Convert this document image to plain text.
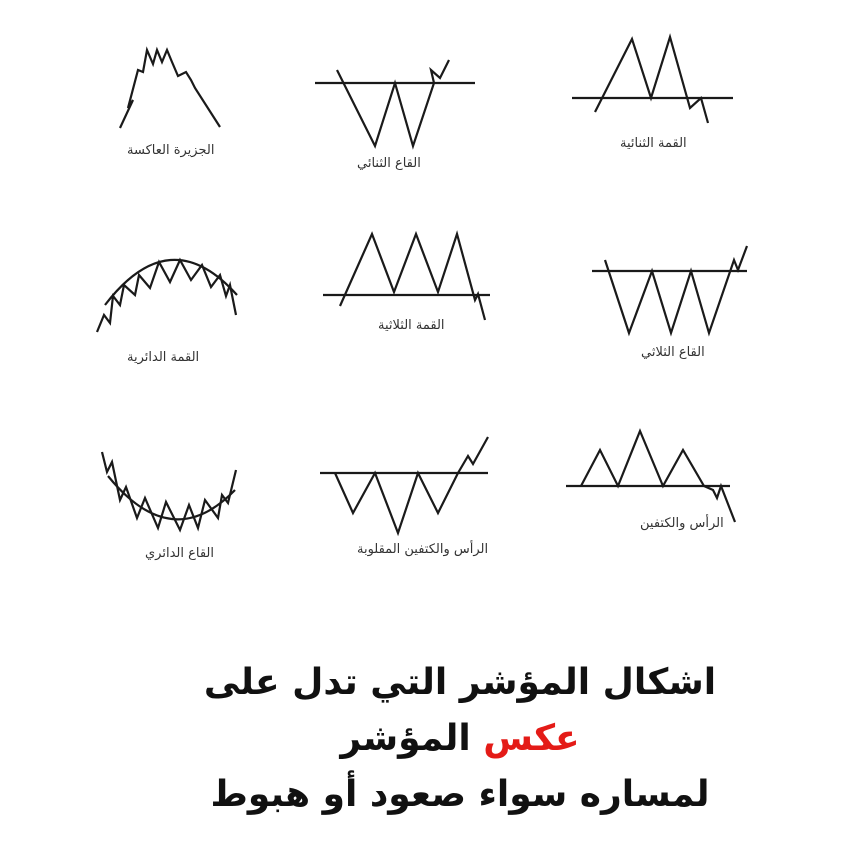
الجزيرة العاكسة
القاع الثنائي
القمة الثنائية
القمة الدائرية
القمة الثلاثية
القاع الثلاثي
القاع الدائري	الرأس والكتفين المقلوبة
الرأس والكتفين
اشكال المؤشر التي تدل على عكس المؤشر
لمساره سواء صعود أو هبوط
